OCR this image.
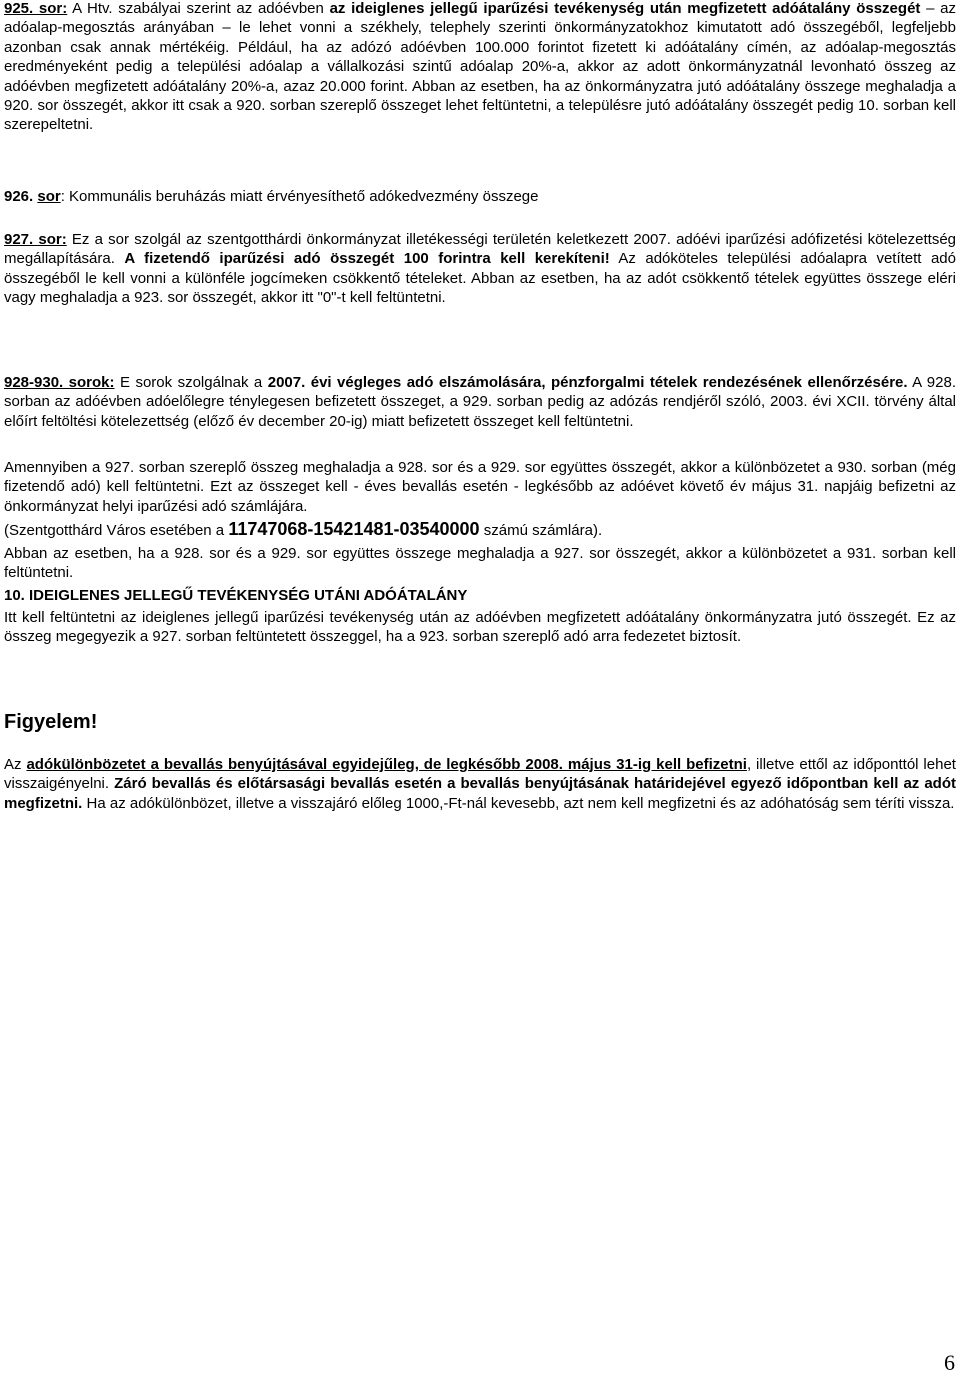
925. sor: A Htv. szabályai szerint az adóévben az ideiglenes jellegű iparűzési tevékenység után megfizetett adóátalány összegét – az adóalap-megosztás arányában – le lehet vonni a székhely, telephely szerinti önkormányzatokhoz kimutatott adó összegéből, legfeljebb azonban csak annak mértékéig. Például, ha az adózó adóévben 100.000 forintot fizetett ki adóátalány címén, az adóalap-megosztás eredményeként pedig a települési adóalap a vállalkozási szintű adóalap 20%-a, akkor az adott önkormányzatnál levonható összeg az adóévben megfizetett adóátalány 20%-a, azaz 20.000 forint. Abban az esetben, ha az önkormányzatra jutó adóátalány összege meghaladja a 920. sor összegét, akkor itt csak a 920. sorban szereplő összeget lehet feltüntetni, a településre jutó adóátalány összegét pedig 10. sorban kell szerepeltetni.

926. sor: Kommunális beruházás miatt érvényesíthető adókedvezmény összege

927. sor: Ez a sor szolgál az szentgotthárdi önkormányzat illetékességi területén keletkezett 2007. adóévi iparűzési adófizetési kötelezettség megállapítására. A fizetendő iparűzési adó összegét 100 forintra kell kerekíteni! Az adóköteles települési adóalapra vetített adó összegéből le kell vonni a különféle jogcímeken csökkentő tételeket. Abban az esetben, ha az adót csökkentő tételek együttes összege eléri vagy meghaladja a 923. sor összegét, akkor itt "0"-t kell feltüntetni.

928-930. sorok: E sorok szolgálnak a 2007. évi végleges adó elszámolására, pénzforgalmi tételek rendezésének ellenőrzésére. A 928. sorban az adóévben adóelőlegre ténylegesen befizetett összeget, a 929. sorban pedig az adózás rendjéről szóló, 2003. évi XCII. törvény által előírt feltöltési kötelezettség (előző év december 20-ig) miatt befizetett összeget kell feltüntetni.

Amennyiben a 927. sorban szereplő összeg meghaladja a 928. sor és a 929. sor együttes összegét, akkor a különbözetet a 930. sorban (még fizetendő adó) kell feltüntetni. Ezt az összeget kell - éves bevallás esetén - legkésőbb az adóévet követő év május 31. napjáig befizetni az önkormányzat helyi iparűzési adó számlájára.

(Szentgotthárd Város esetében a 11747068-15421481-03540000 számú számlára).

Abban az esetben, ha a 928. sor és a 929. sor együttes összege meghaladja a 927. sor összegét, akkor a különbözetet a 931. sorban kell feltüntetni.

10. IDEIGLENES JELLEGŰ TEVÉKENYSÉG UTÁNI ADÓÁTALÁNY

Itt kell feltüntetni az ideiglenes jellegű iparűzési tevékenység után az adóévben megfizetett adóátalány önkormányzatra jutó összegét. Ez az összeg megegyezik a 927. sorban feltüntetett összeggel, ha a 923. sorban szereplő adó arra fedezetet biztosít.

Figyelem!

Az adókülönbözetet a bevallás benyújtásával egyidejűleg, de legkésőbb 2008. május 31-ig kell befizetni, illetve ettől az időponttól lehet visszaigényelni. Záró bevallás és előtársasági bevallás esetén a bevallás benyújtásának határidejével egyező időpontban kell az adót megfizetni. Ha az adókülönbözet, illetve a visszajáró előleg 1000,-Ft-nál kevesebb, azt nem kell megfizetni és az adóhatóság sem téríti vissza.

6
